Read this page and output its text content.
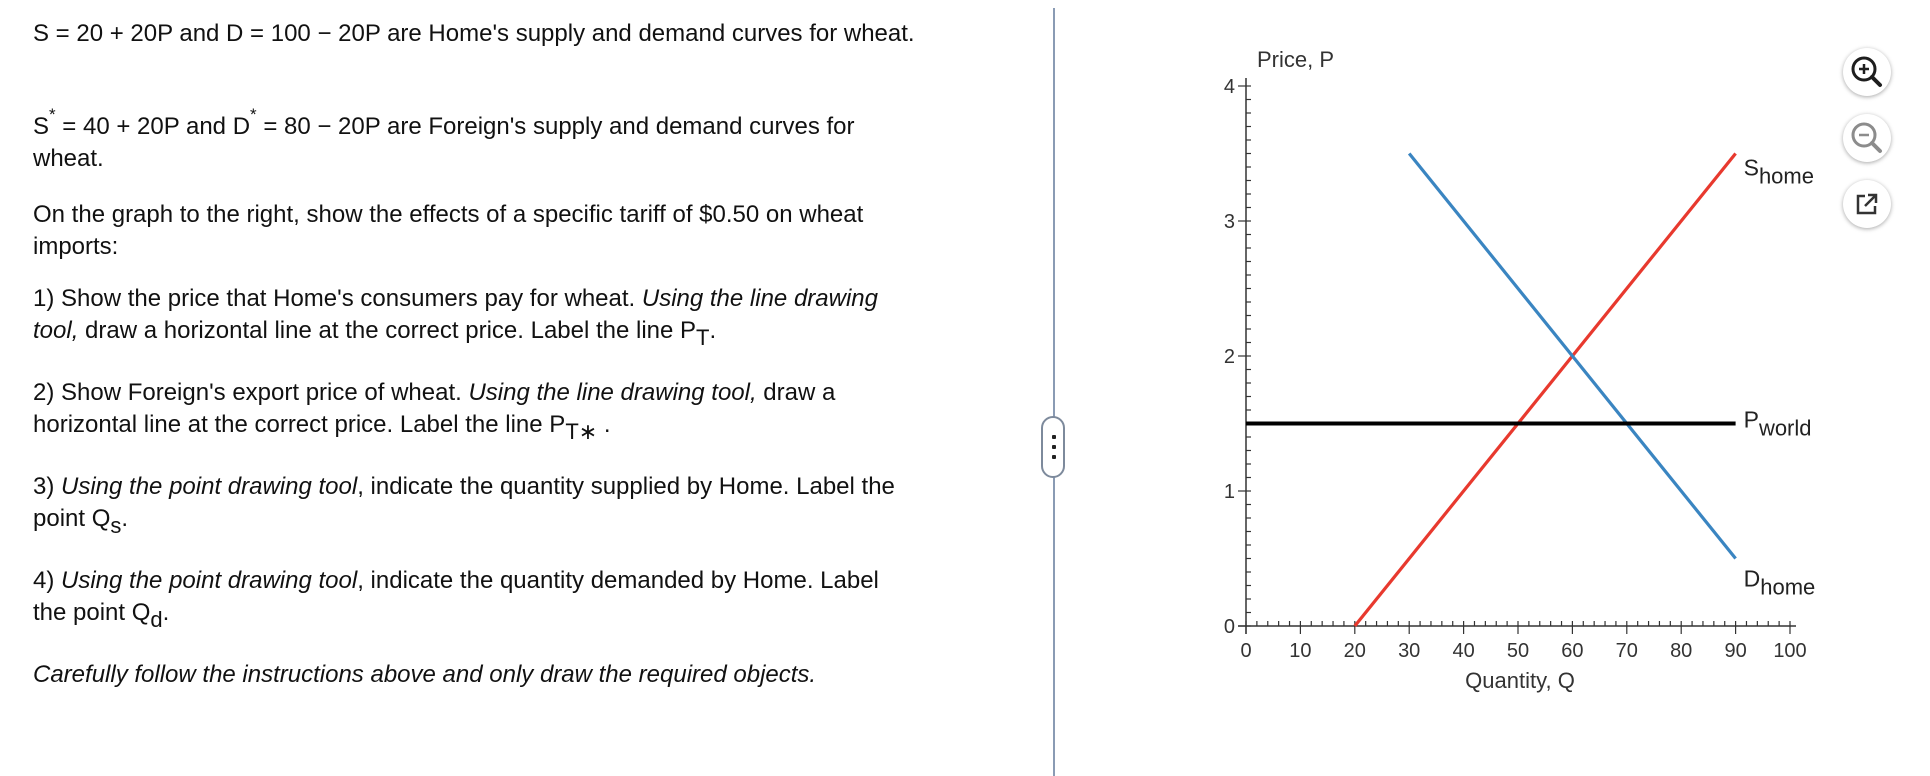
S = 20 + 20P and D = 100 − 20P are Home's supply and demand curves for wheat.

S* = 40 + 20P and D* = 80 − 20P are Foreign's supply and demand curves for

wheat.

On the graph to the right, show the effects of a specific tariff of $0.50 on wheat

imports:

1) Show the price that Home's consumers pay for wheat. Using the line drawing

tool, draw a horizontal line at the correct price. Label the line $P_T$.

2) Show Foreign's export price of wheat. Using the line drawing tool, draw a

horizontal line at the correct price. Label the line $P_{T∗}$ .

3) Using the point drawing tool, indicate the quantity supplied by Home. Label the

point $Q_s$.

4) Using the point drawing tool, indicate the quantity demanded by Home. Label

the point $Q_d$.

Carefully follow the instructions above and only draw the required objects.

0
1
2
3
4
0 10 20 30 40 50 60 70 80 90 100
Shome
Dhome
Pworld
Price, P
Quantity, Q
